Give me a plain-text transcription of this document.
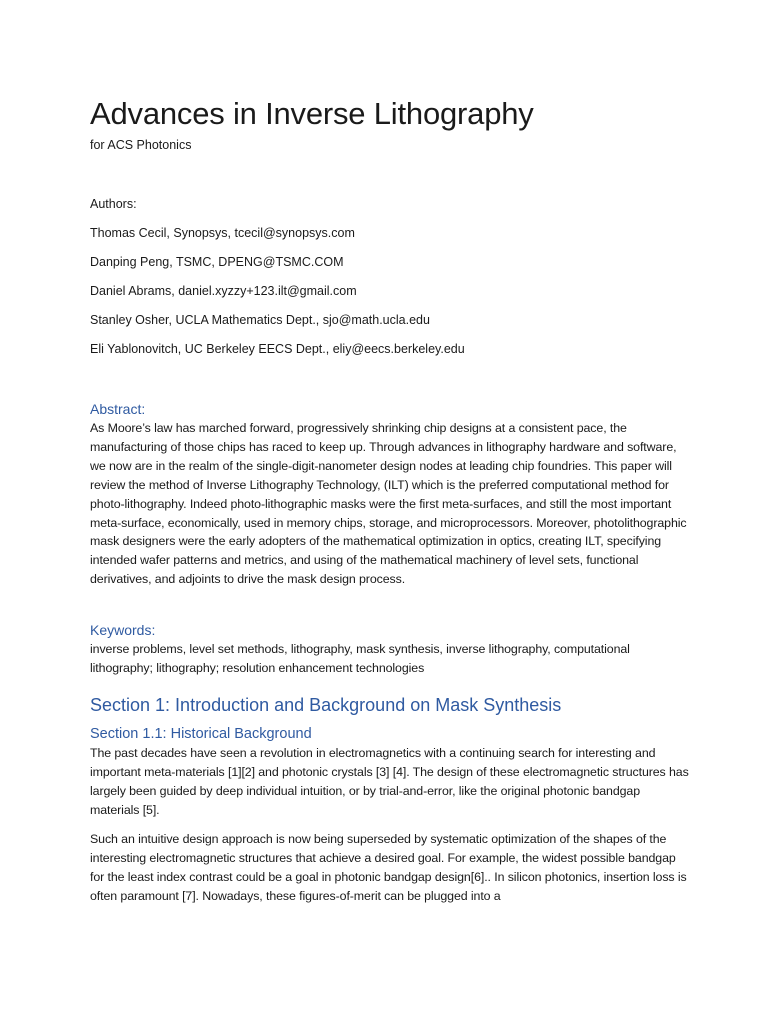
Advances in Inverse Lithography

for ACS Photonics

Authors:

Thomas Cecil, Synopsys, tcecil@synopsys.com
Danping Peng, TSMC, DPENG@TSMC.COM
Daniel Abrams, daniel.xyzzy+123.ilt@gmail.com
Stanley Osher, UCLA Mathematics Dept., sjo@math.ucla.edu
Eli Yablonovitch, UC Berkeley EECS Dept., eliy@eecs.berkeley.edu
Abstract:

As Moore’s law has marched forward, progressively shrinking chip designs at a consistent pace, the manufacturing of those chips has raced to keep up. Through advances in lithography hardware and software, we now are in the realm of the single-digit-nanometer design nodes at leading chip foundries. This paper will review the method of Inverse Lithography Technology, (ILT) which is the preferred computational method for photo-lithography. Indeed photo-lithographic masks were the first meta-surfaces, and still the most important meta-surface, economically, used in memory chips, storage, and microprocessors. Moreover, photolithographic mask designers were the early adopters of the mathematical optimization in optics, creating ILT, specifying intended wafer patterns and metrics, and using of the mathematical machinery of level sets, functional derivatives, and adjoints to drive the mask design process.

Keywords:

inverse problems, level set methods, lithography, mask synthesis, inverse lithography, computational lithography; lithography; resolution enhancement technologies

Section 1: Introduction and Background on Mask Synthesis
Section 1.1: Historical Background

The past decades have seen a revolution in electromagnetics with a continuing search for interesting and important meta-materials [1][2] and photonic crystals [3] [4]. The design of these electromagnetic structures has largely been guided by deep individual intuition, or by trial-and-error, like the original photonic bandgap materials [5].

Such an intuitive design approach is now being superseded by systematic optimization of the shapes of the interesting electromagnetic structures that achieve a desired goal. For example, the widest possible bandgap for the least index contrast could be a goal in photonic bandgap design[6].. In silicon photonics, insertion loss is often paramount [7]. Nowadays, these figures-of-merit can be plugged into a
